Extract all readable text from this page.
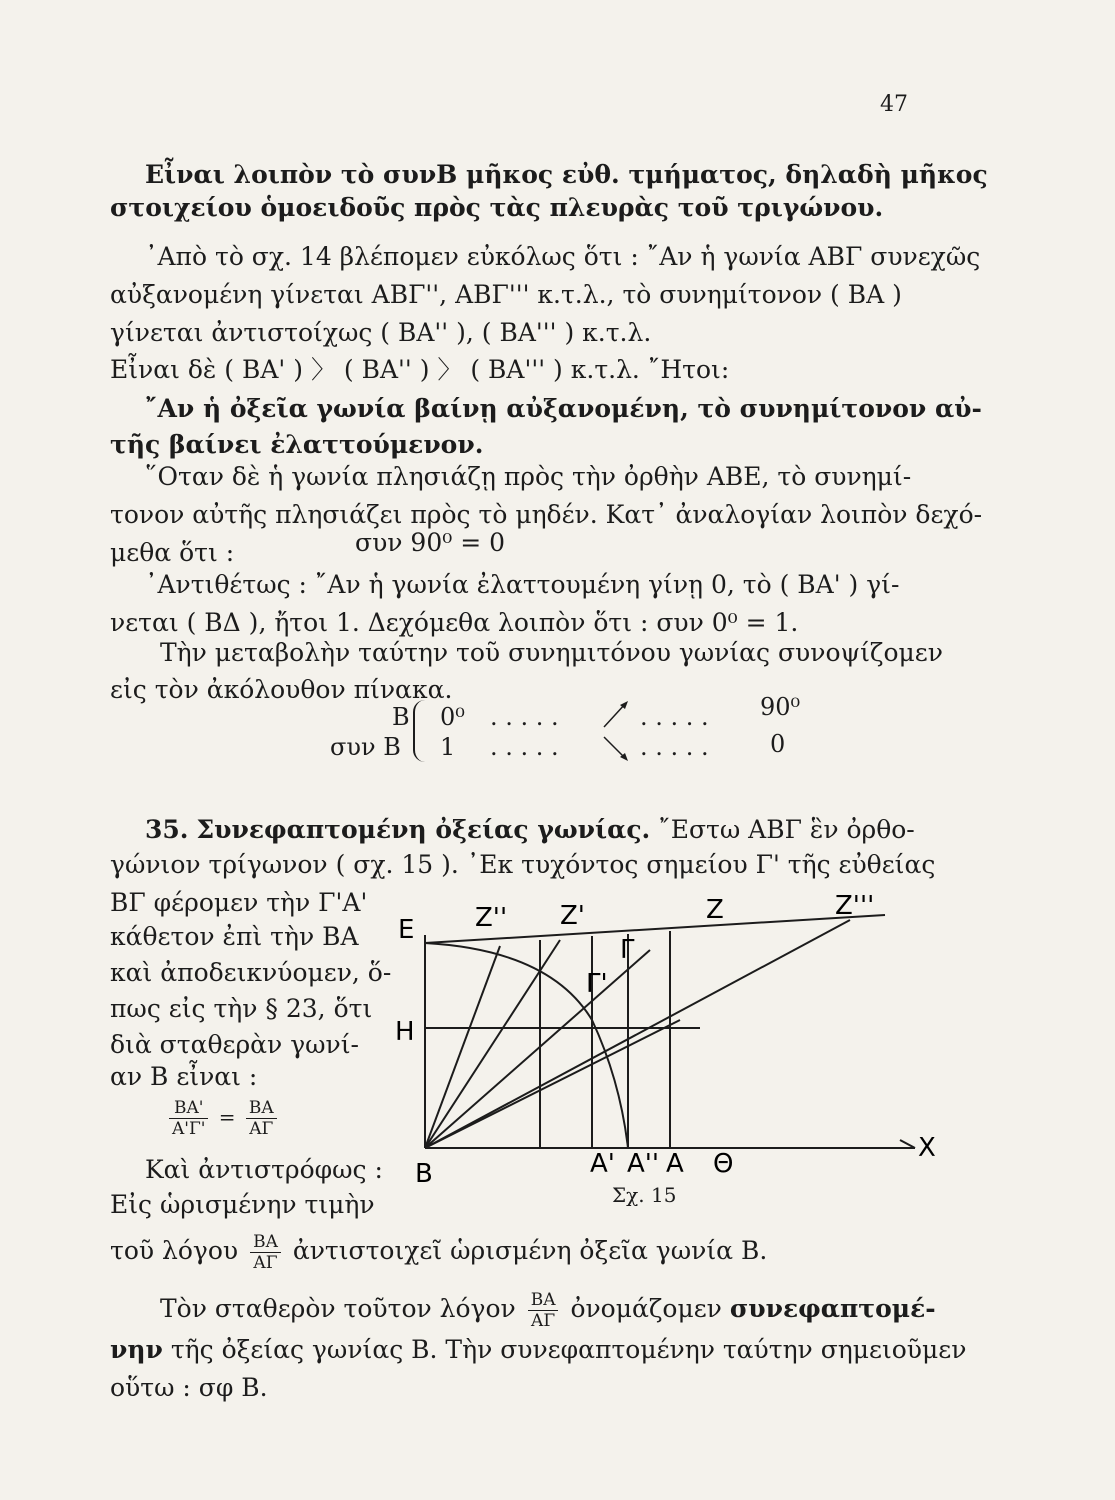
47
Εἶναι λοιπὸν τὸ συνΒ μῆκος εὐθ. τμήματος, δηλαδὴ μῆκος
στοιχείου ὁμοειδοῦς πρὸς τὰς πλευρὰς τοῦ τριγώνου.
᾿Απὸ τὸ σχ. 14 βλέπομεν εὐκόλως ὅτι : ῎Αν ἡ γωνία ΑΒΓ συνεχῶς
αὐξανομένη γίνεται ΑΒΓ'', ΑΒΓ''' κ.τ.λ., τὸ συνημίτονον ( ΒΑ )
γίνεται ἀντιστοίχως ( ΒΑ'' ), ( ΒΑ''' ) κ.τ.λ.
Εἶναι δὲ ( ΒΑ' ) 〉 ( ΒΑ'' ) 〉 ( ΒΑ''' ) κ.τ.λ. ῎Ητοι:
῎Αν ἡ ὀξεῖα γωνία βαίνῃ αὐξανομένη, τὸ συνημίτονον αὐ-
τῆς βαίνει ἐλαττούμενον.
῞Οταν δὲ ἡ γωνία πλησιάζῃ πρὸς τὴν ὀρθὴν ΑΒΕ, τὸ συνημί-
τονον αὐτῆς πλησιάζει πρὸς τὸ μηδέν. Κατ᾿ ἀναλογίαν λοιπὸν δεχό-
μεθα ὅτι :	συν 90⁰ = 0
᾿Αντιθέτως : ῎Αν ἡ γωνία ἐλαττουμένη γίνῃ 0, τὸ ( ΒΑ' ) γί-
νεται ( ΒΔ ), ἤτοι 1. Δεχόμεθα λοιπὸν ὅτι : συν 0⁰ = 1.
Τὴν μεταβολὴν ταύτην τοῦ συνημιτόνου γωνίας συνοψίζομεν
εἰς τὸν ἀκόλουθον πίνακα.
Β 0⁰ . . . . .	. . . . . 90⁰
συν Β 1 . . . . .	. . . . .	0
35. Συνεφαπτομένη ὀξείας γωνίας. ῎Εστω ΑΒΓ ἓν ὀρθο-
γώνιον τρίγωνον ( σχ. 15 ). ᾿Εκ τυχόντος σημείου Γ' τῆς εὐθείας
ΒΓ φέρομεν τὴν Γ'Α'
κάθετον ἐπὶ τὴν ΒΑ
καὶ ἀποδεικνύομεν, ὅ-
πως εἰς τὴν § 23, ὅτι
διὰ σταθερὰν γωνί-
αν Β εἶναι :
$\frac{BA'}{A'\Gamma'} = \frac{BA}{A\Gamma}$
Καὶ ἀντιστρόφως :
Εἰς ὡρισμένην τιμὴν
τοῦ λόγου $\frac{BA}{A\Gamma}$ ἀντιστοιχεῖ ὡρισμένη ὀξεῖα γωνία Β.
Τὸν σταθερὸν τοῦτον λόγον $\frac{BA}{A\Gamma}$ ὀνομάζομεν συνεφαπτομέ-
νην τῆς ὀξείας γωνίας Β. Τὴν συνεφαπτομένην ταύτην σημειοῦμεν
οὕτω : σφ Β.
Ε Ζ'' Ζ'	Ζ	Ζ'''
Γ
Γ'
Η
Χ
Β	Α' Α'' Α Θ
Σχ. 15
